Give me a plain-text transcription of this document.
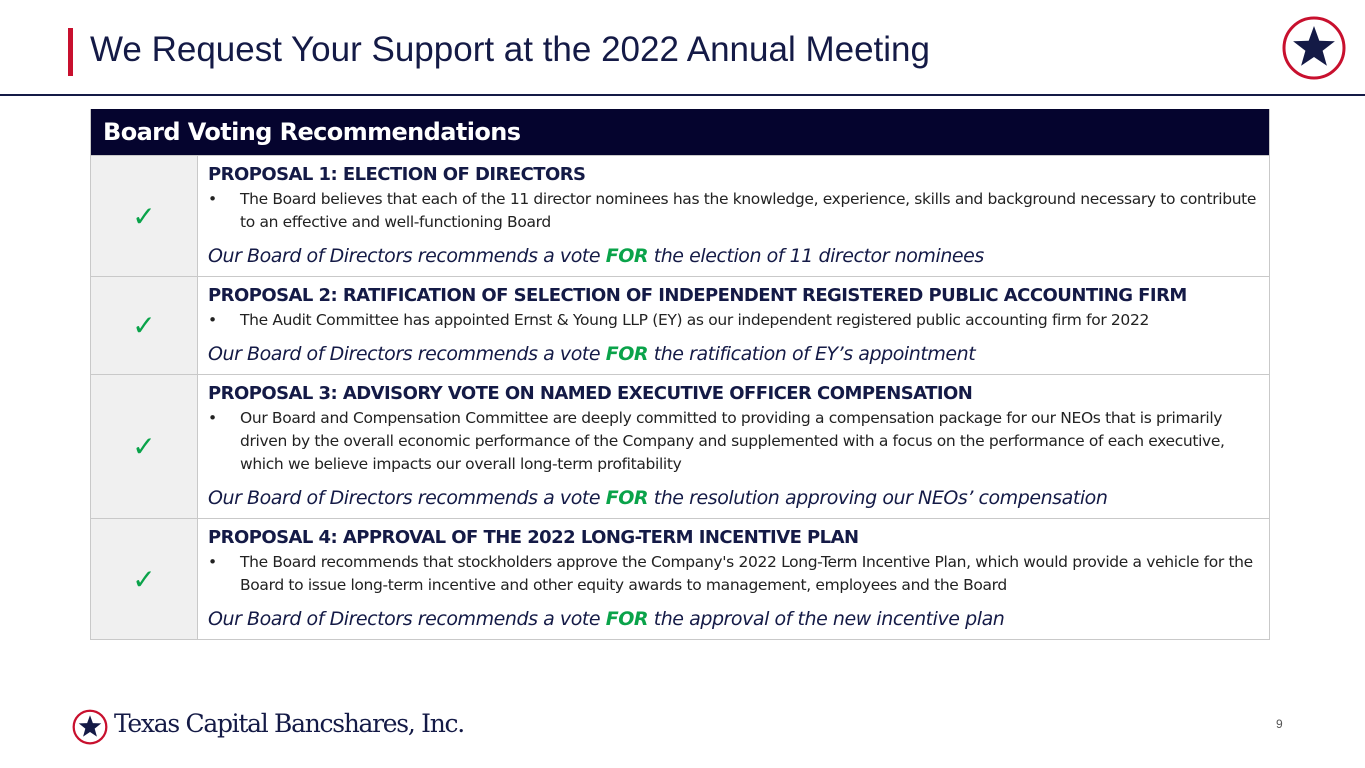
We Request Your Support at the 2022 Annual Meeting
Board Voting Recommendations
✓
PROPOSAL 1: ELECTION OF DIRECTORS
•	The Board believes that each of the 11 director nominees has the knowledge, experience, skills and background necessary to contribute to an effective and well-functioning Board
Our Board of Directors recommends a vote FOR the election of 11 director nominees
✓
PROPOSAL 2: RATIFICATION OF SELECTION OF INDEPENDENT REGISTERED PUBLIC ACCOUNTING FIRM
•	The Audit Committee has appointed Ernst & Young LLP (EY) as our independent registered public accounting firm for 2022
Our Board of Directors recommends a vote FOR the ratification of EY’s appointment
✓
PROPOSAL 3: ADVISORY VOTE ON NAMED EXECUTIVE OFFICER COMPENSATION
•	Our Board and Compensation Committee are deeply committed to providing a compensation package for our NEOs that is primarily driven by the overall economic performance of the Company and supplemented with a focus on the performance of each executive, which we believe impacts our overall long-term profitability
Our Board of Directors recommends a vote FOR the resolution approving our NEOs’ compensation
✓
PROPOSAL 4: APPROVAL OF THE 2022 LONG-TERM INCENTIVE PLAN
•	The Board recommends that stockholders approve the Company's 2022 Long-Term Incentive Plan, which would provide a vehicle for the Board to issue long-term incentive and other equity awards to management, employees and the Board
Our Board of Directors recommends a vote FOR the approval of the new incentive plan
Texas Capital Bancshares, Inc.	9
